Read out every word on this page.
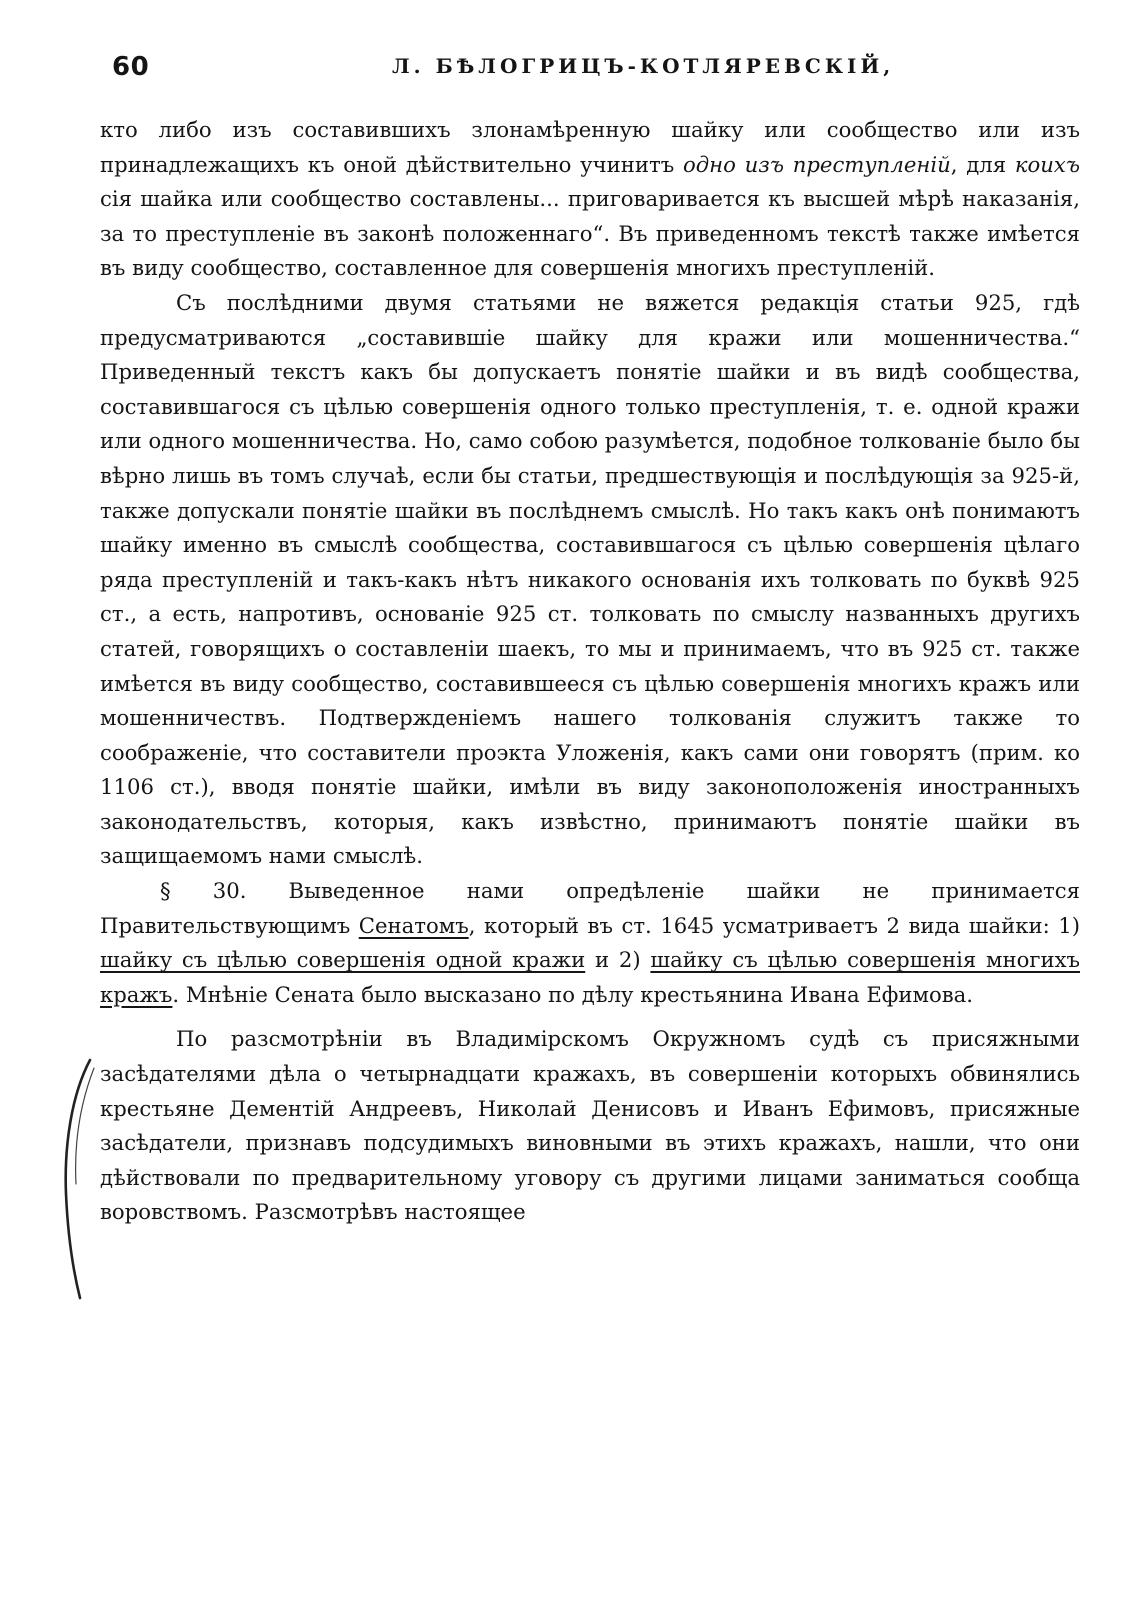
60	Л. БѢЛОГРИЦЪ-КОТЛЯРЕВСКІЙ,

кто либо изъ составившихъ злонамѣренную шайку или сообщество или изъ принадлежащихъ къ оной дѣйствительно учинитъ одно изъ преступленій, для коихъ сія шайка или сообщество составлены... приговаривается къ высшей мѣрѣ наказанія, за то преступленіе въ законѣ положеннаго“. Въ приведенномъ текстѣ также имѣется въ виду сообщество, составленное для совершенія многихъ преступленій.

Съ послѣдними двумя статьями не вяжется редакція статьи 925, гдѣ предусматриваются „составившіе шайку для кражи или мошенничества.“ Приведенный текстъ какъ бы допускаетъ понятіе шайки и въ видѣ сообщества, составившагося съ цѣлью совершенія одного только преступленія, т. е. одной кражи или одного мошенничества. Но, само собою разумѣется, подобное толкованіе было бы вѣрно лишь въ томъ случаѣ, если бы статьи, предшествующія и послѣдующія за 925-й, также допускали понятіе шайки въ послѣднемъ смыслѣ. Но такъ какъ онѣ понимаютъ шайку именно въ смыслѣ сообщества, составившагося съ цѣлью совершенія цѣлаго ряда преступленій и такъ-какъ нѣтъ никакого основанія ихъ толковать по буквѣ 925 ст., а есть, напротивъ, основаніе 925 ст. толковать по смыслу названныхъ другихъ статей, говорящихъ о составленіи шаекъ, то мы и принимаемъ, что въ 925 ст. также имѣется въ виду сообщество, составившееся съ цѣлью совершенія многихъ кражъ или мошенничествъ. Подтвержденіемъ нашего толкованія служитъ также то соображеніе, что составители проэкта Уложенія, какъ сами они говорятъ (прим. ко 1106 ст.), вводя понятіе шайки, имѣли въ виду законоположенія иностранныхъ законодательствъ, которыя, какъ извѣстно, принимаютъ понятіе шайки въ защищаемомъ нами смыслѣ.

§ 30. Выведенное нами опредѣленіе шайки не принимается Правительствующимъ Сенатомъ, который въ ст. 1645 усматриваетъ 2 вида шайки: 1) шайку съ цѣлью совершенія одной кражи и 2) шайку съ цѣлью совершенія многихъ кражъ. Мнѣніе Сената было высказано по дѣлу крестьянина Ивана Ефимова.

По разсмотрѣніи въ Владимірскомъ Окружномъ судѣ съ присяжными засѣдателями дѣла о четырнадцати кражахъ, въ совершеніи которыхъ обвинялись крестьяне Дементій Андреевъ, Николай Денисовъ и Иванъ Ефимовъ, присяжные засѣдатели, признавъ подсудимыхъ виновными въ этихъ кражахъ, нашли, что они дѣйствовали по предварительному уговору съ другими лицами заниматься сообща воровствомъ. Разсмотрѣвъ настоящее
